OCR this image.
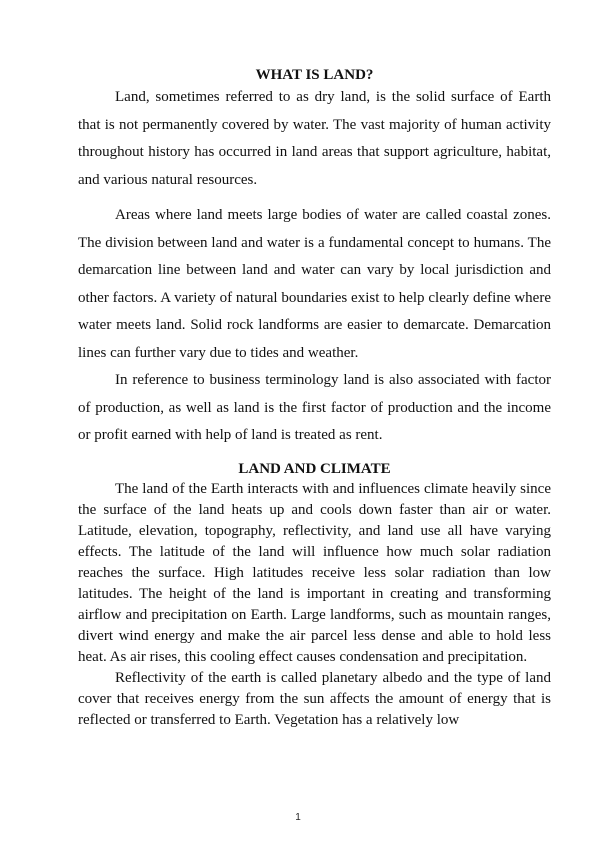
WHAT IS LAND?

Land, sometimes referred to as dry land, is the solid surface of Earth that is not permanently covered by water. The vast majority of human activity throughout history has occurred in land areas that support agriculture, habitat, and various natural resources.

Areas where land meets large bodies of water are called coastal zones. The division between land and water is a fundamental concept to humans. The demarcation line between land and water can vary by local jurisdiction and other factors. A variety of natural boundaries exist to help clearly define where water meets land. Solid rock landforms are easier to demarcate. Demarcation lines can further vary due to tides and weather.

In reference to business terminology land is also associated with factor of production, as well as land is the first factor of production and the income or profit earned with help of land is treated as rent.

LAND AND CLIMATE

The land of the Earth interacts with and influences climate heavily since the surface of the land heats up and cools down faster than air or water. Latitude, elevation, topography, reflectivity, and land use all have varying effects. The latitude of the land will influence how much solar radiation reaches the surface. High latitudes receive less solar radiation than low latitudes. The height of the land is important in creating and transforming airflow and precipitation on Earth. Large landforms, such as mountain ranges, divert wind energy and make the air parcel less dense and able to hold less heat. As air rises, this cooling effect causes condensation and precipitation.

Reflectivity of the earth is called planetary albedo and the type of land cover that receives energy from the sun affects the amount of energy that is reflected or transferred to Earth. Vegetation has a relatively low

1
